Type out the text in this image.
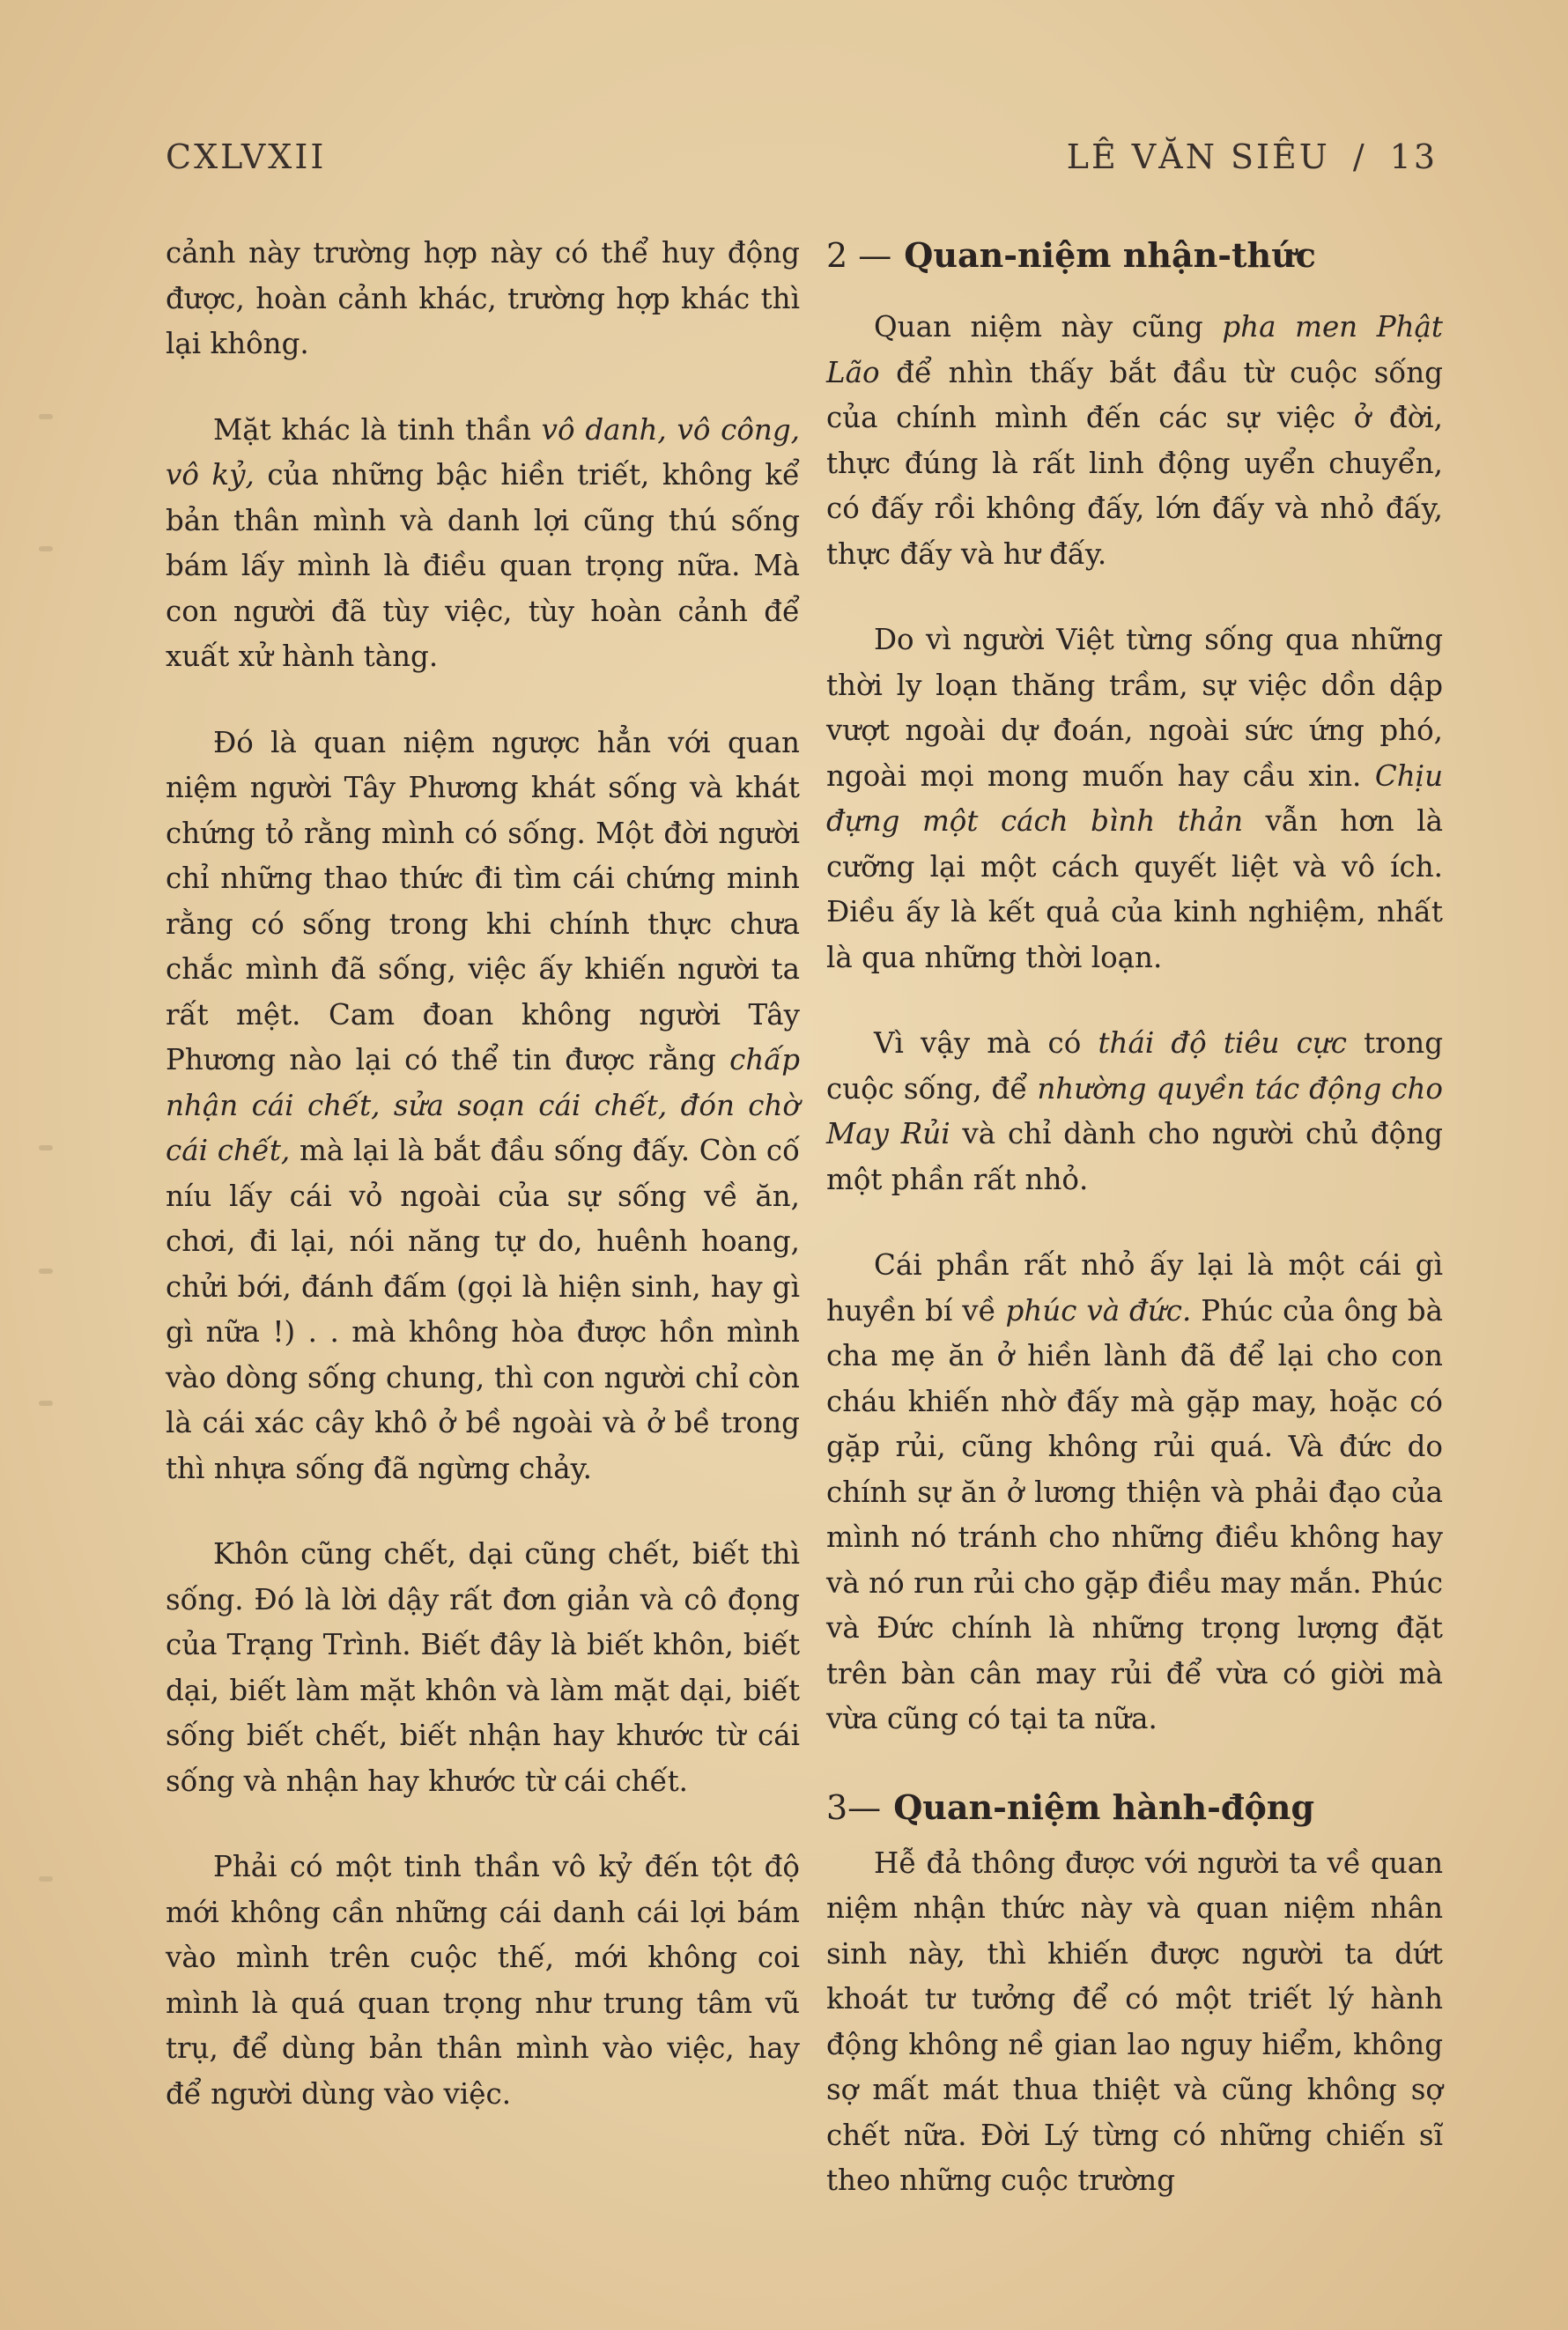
CXLVXII	LÊ VĂN SIÊU / 13

cảnh này trường hợp này có thể huy động được, hoàn cảnh khác, trường hợp khác thì lại không.

Mặt khác là tinh thần vô danh, vô công, vô kỷ, của những bậc hiền triết, không kể bản thân mình và danh lợi cũng thú sống bám lấy mình là điều quan trọng nữa. Mà con người đã tùy việc, tùy hoàn cảnh để xuất xử hành tàng.

Đó là quan niệm ngược hẳn với quan niệm người Tây Phương khát sống và khát chứng tỏ rằng mình có sống. Một đời người chỉ những thao thức đi tìm cái chứng minh rằng có sống trong khi chính thực chưa chắc mình đã sống, việc ấy khiến người ta rất mệt. Cam đoan không người Tây Phương nào lại có thể tin được rằng chấp nhận cái chết, sửa soạn cái chết, đón chờ cái chết, mà lại là bắt đầu sống đấy. Còn cố níu lấy cái vỏ ngoài của sự sống về ăn, chơi, đi lại, nói năng tự do, huênh hoang, chửi bới, đánh đấm (gọi là hiện sinh, hay gì gì nữa !) . . mà không hòa được hồn mình vào dòng sống chung, thì con người chỉ còn là cái xác cây khô ở bề ngoài và ở bề trong thì nhựa sống đã ngừng chảy.

Khôn cũng chết, dại cũng chết, biết thì sống. Đó là lời dậy rất đơn giản và cô đọng của Trạng Trình. Biết đây là biết khôn, biết dại, biết làm mặt khôn và làm mặt dại, biết sống biết chết, biết nhận hay khước từ cái sống và nhận hay khước từ cái chết.

Phải có một tinh thần vô kỷ đến tột độ mới không cần những cái danh cái lợi bám vào mình trên cuộc thế, mới không coi mình là quá quan trọng như trung tâm vũ trụ, để dùng bản thân mình vào việc, hay để người dùng vào việc.

2 — Quan-niệm nhận-thức

Quan niệm này cũng pha men Phật Lão để nhìn thấy bắt đầu từ cuộc sống của chính mình đến các sự việc ở đời, thực đúng là rất linh động uyển chuyển, có đấy rồi không đấy, lớn đấy và nhỏ đấy, thực đấy và hư đấy.

Do vì người Việt từng sống qua những thời ly loạn thăng trầm, sự việc dồn dập vượt ngoài dự đoán, ngoài sức ứng phó, ngoài mọi mong muốn hay cầu xin. Chịu đựng một cách bình thản vẫn hơn là cưỡng lại một cách quyết liệt và vô ích. Điều ấy là kết quả của kinh nghiệm, nhất là qua những thời loạn.

Vì vậy mà có thái độ tiêu cực trong cuộc sống, để nhường quyền tác động cho May Rủi và chỉ dành cho người chủ động một phần rất nhỏ.

Cái phần rất nhỏ ấy lại là một cái gì huyền bí về phúc và đức. Phúc của ông bà cha mẹ ăn ở hiền lành đã để lại cho con cháu khiến nhờ đấy mà gặp may, hoặc có gặp rủi, cũng không rủi quá. Và đức do chính sự ăn ở lương thiện và phải đạo của mình nó tránh cho những điều không hay và nó run rủi cho gặp điều may mắn. Phúc và Đức chính là những trọng lượng đặt trên bàn cân may rủi để vừa có giời mà vừa cũng có tại ta nữa.

3— Quan-niệm hành-động

Hễ đả thông được với người ta về quan niệm nhận thức này và quan niệm nhân sinh này, thì khiến được người ta dứt khoát tư tưởng để có một triết lý hành động không nề gian lao nguy hiểm, không sợ mất mát thua thiệt và cũng không sợ chết nữa. Đời Lý từng có những chiến sĩ theo những cuộc trường
